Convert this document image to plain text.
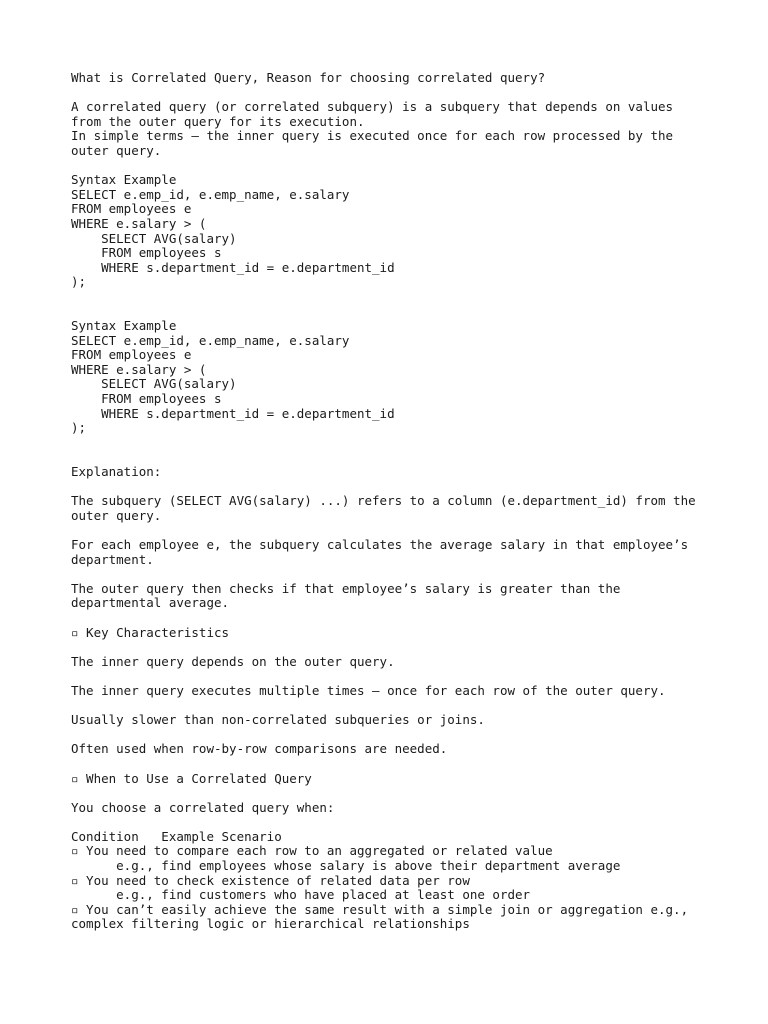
What is Correlated Query, Reason for choosing correlated query?
A correlated query (or correlated subquery) is a subquery that depends on values
from the outer query for its execution.
In simple terms — the inner query is executed once for each row processed by the
outer query.
Syntax Example
SELECT e.emp_id, e.emp_name, e.salary
FROM employees e
WHERE e.salary > (
SELECT AVG(salary)
FROM employees s
WHERE s.department_id = e.department_id
);
Syntax Example
SELECT e.emp_id, e.emp_name, e.salary
FROM employees e
WHERE e.salary > (
SELECT AVG(salary)
FROM employees s
WHERE s.department_id = e.department_id
);
Explanation:
The subquery (SELECT AVG(salary) ...) refers to a column (e.department_id) from the
outer query.
For each employee e, the subquery calculates the average salary in that employee’s
department.
The outer query then checks if that employee’s salary is greater than the
departmental average.
▫ Key Characteristics
The inner query depends on the outer query.
The inner query executes multiple times — once for each row of the outer query.
Usually slower than non-correlated subqueries or joins.
Often used when row-by-row comparisons are needed.
▫ When to Use a Correlated Query
You choose a correlated query when:
Condition   Example Scenario
▫ You need to compare each row to an aggregated or related value
e.g., find employees whose salary is above their department average
▫ You need to check existence of related data per row
e.g., find customers who have placed at least one order
▫ You can’t easily achieve the same result with a simple join or aggregation e.g.,
complex filtering logic or hierarchical relationships
